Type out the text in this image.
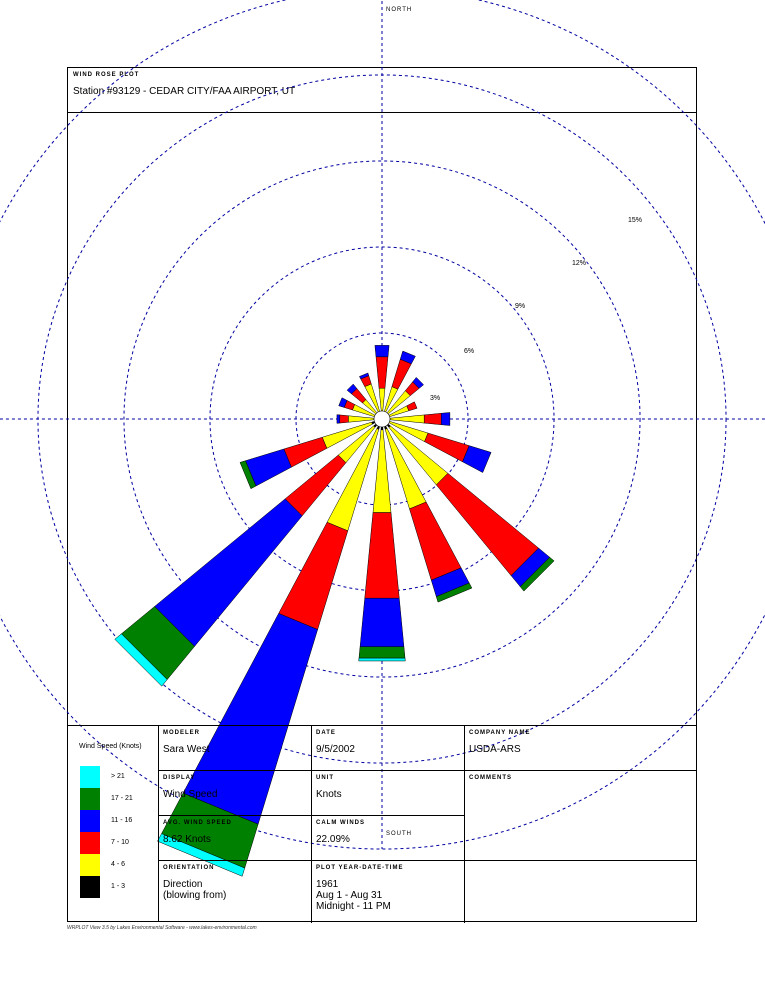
WIND ROSE PLOT
Station #93129 - CEDAR CITY/FAA AIRPORT, UT
3%
6%
9%
12%
15%
NORTH
SOUTH
Wind Speed (Knots)
> 21
17 - 21
11 - 16
7 - 10
4 - 6
1 - 3
MODELER
Sara West
DATE
9/5/2002
COMPANY NAME
USDA-ARS
DISPLAY
Wind Speed
UNIT
Knots
COMMENTS
AVG. WIND SPEED
8.62 Knots
CALM WINDS
22.09%
ORIENTATION
Direction
(blowing from)
PLOT YEAR-DATE-TIME
1961
Aug 1 - Aug 31
Midnight - 11 PM
WRPLOT View 3.5 by Lakes Environmental Software - www.lakes-environmental.com
